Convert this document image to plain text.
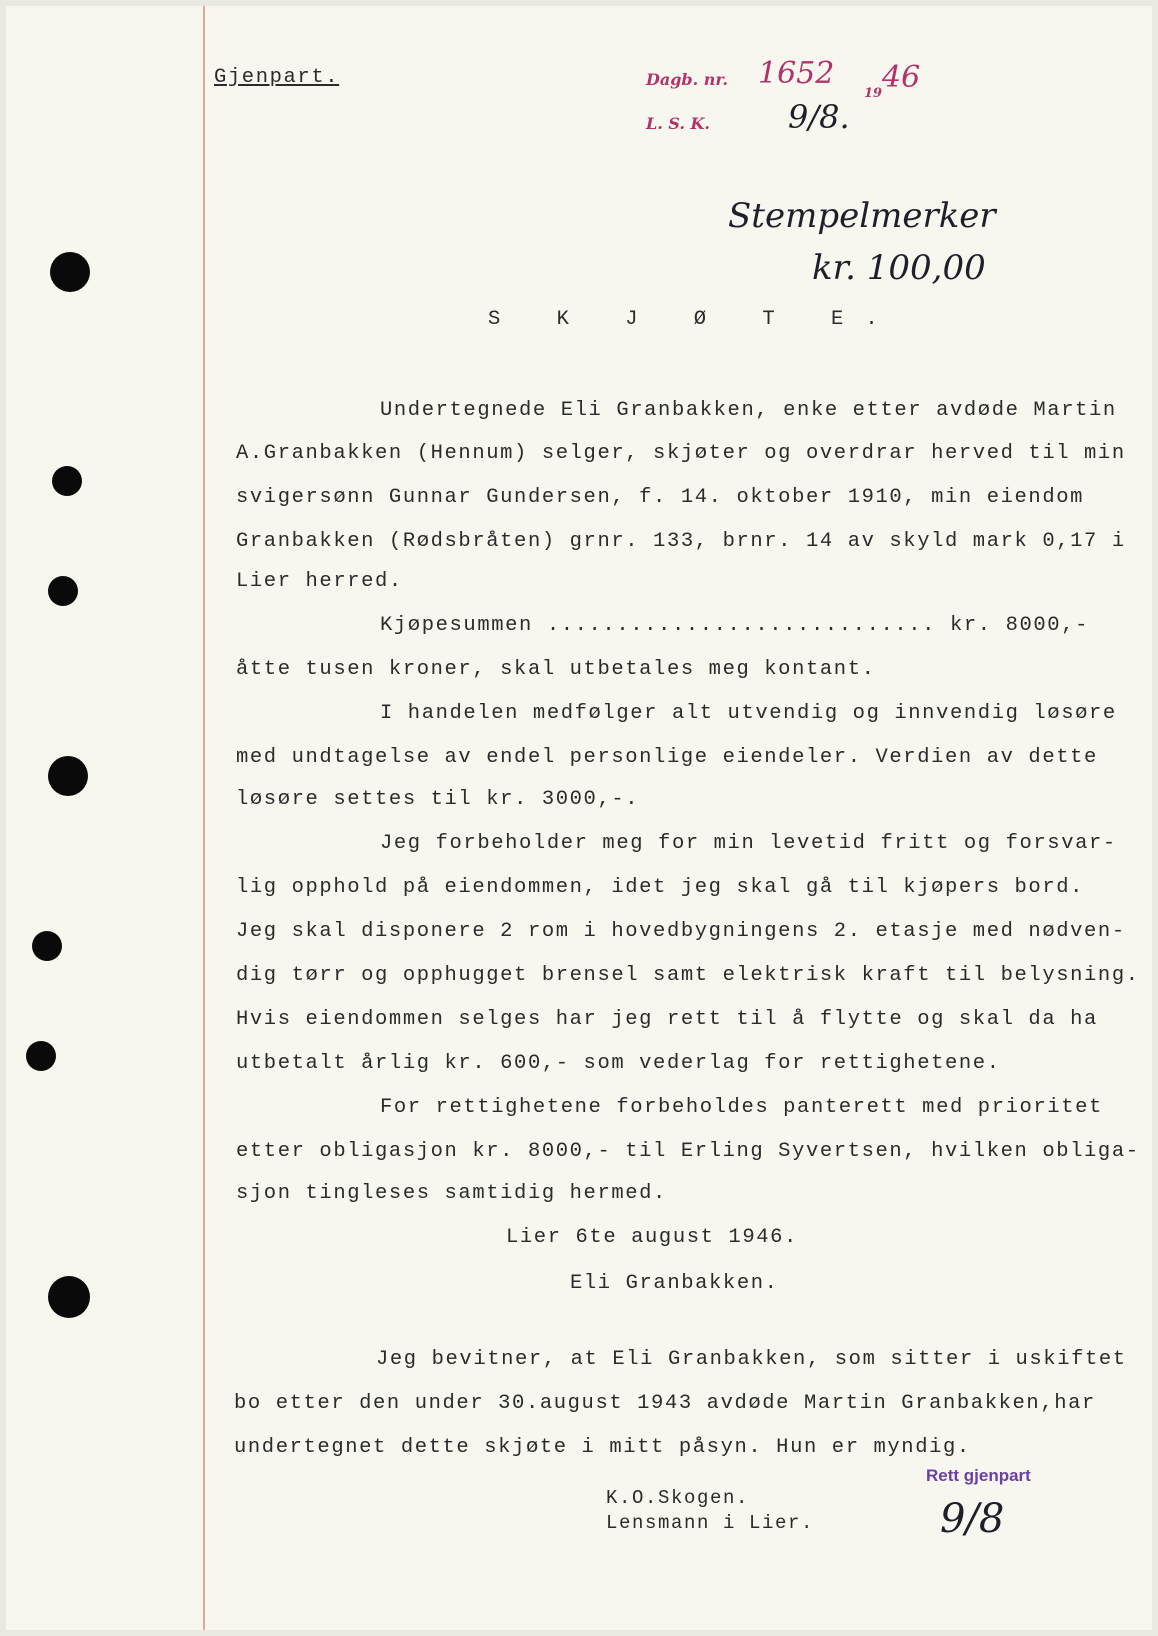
Gjenpart.	Dagb. nr. 1652
19 46
L. S. K. 9/8.
Stempelmerker
kr. 100,00
S K J Ø T E.
Undertegnede Eli Granbakken, enke etter avdøde Martin
A.Granbakken (Hennum) selger, skjøter og overdrar herved til min
svigersønn Gunnar Gundersen, f. 14. oktober 1910, min eiendom
Granbakken (Rødsbråten) grnr. 133, brnr. 14 av skyld mark 0,17 i
Lier herred.
Kjøpesummen ............................ kr. 8000,-
åtte tusen kroner, skal utbetales meg kontant.
I handelen medfølger alt utvendig og innvendig løsøre
med undtagelse av endel personlige eiendeler. Verdien av dette
løsøre settes til kr. 3000,-.
Jeg forbeholder meg for min levetid fritt og forsvar-
lig opphold på eiendommen, idet jeg skal gå til kjøpers bord.
Jeg skal disponere 2 rom i hovedbygningens 2. etasje med nødven-
dig tørr og opphugget brensel samt elektrisk kraft til belysning.
Hvis eiendommen selges har jeg rett til å flytte og skal da ha
utbetalt årlig kr. 600,- som vederlag for rettighetene.
For rettighetene forbeholdes panterett med prioritet
etter obligasjon kr. 8000,- til Erling Syvertsen, hvilken obliga-
sjon tingleses samtidig hermed.
Lier 6te august 1946.
Eli Granbakken.
Jeg bevitner, at Eli Granbakken, som sitter i uskiftet
bo etter den under 30.august 1943 avdøde Martin Granbakken,har
undertegnet dette skjøte i mitt påsyn. Hun er myndig.
K.O.Skogen.
Lensmann i Lier.
Rett gjenpart
9/8
